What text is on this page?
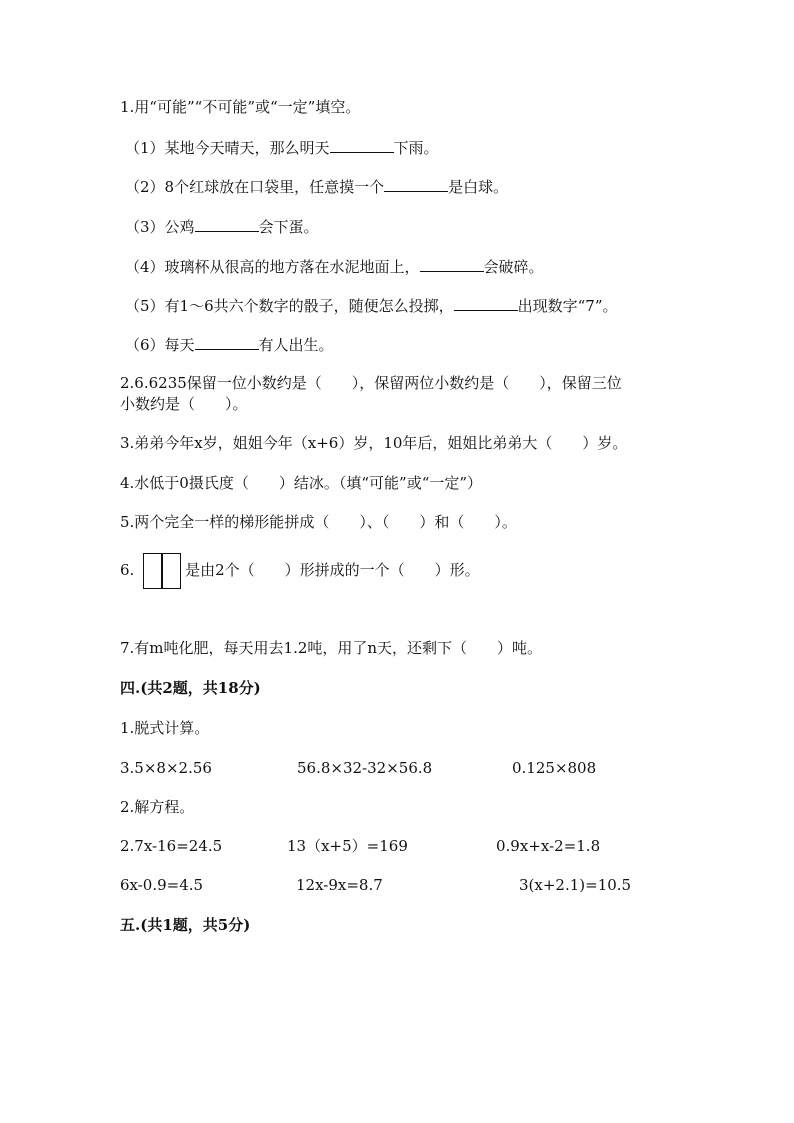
1.用“可能”“不可能”或“一定”填空。
（1）某地今天晴天，那么明天	下雨。
（2）8个红球放在口袋里，任意摸一个	是白球。
（3）公鸡	会下蛋。
（4）玻璃杯从很高的地方落在水泥地面上，	会破碎。
（5）有1～6共六个数字的骰子，随便怎么投掷，	出现数字“7”。
（6）每天	有人出生。
2.6.6235保留一位小数约是（　　），保留两位小数约是（　　），保留三位
小数约是（　　）。
3.弟弟今年x岁，姐姐今年（x+6）岁，10年后，姐姐比弟弟大（　　）岁。
4.水低于0摄氏度（　　）结冰。（填“可能”或“一定”）
5.两个完全一样的梯形能拼成（　　）、（　　）和（　　）。
6.	是由2个（　　）形拼成的一个（　　）形。
7.有m吨化肥，每天用去1.2吨，用了n天，还剩下（　　）吨。
四.(共2题，共18分)
1.脱式计算。
3.5×8×2.56	56.8×32-32×56.8	0.125×808
2.解方程。
2.7x-16=24.5	13（x+5）=169	0.9x+x-2=1.8
6x-0.9=4.5	12x-9x=8.7	3(x+2.1)=10.5
五.(共1题，共5分)
